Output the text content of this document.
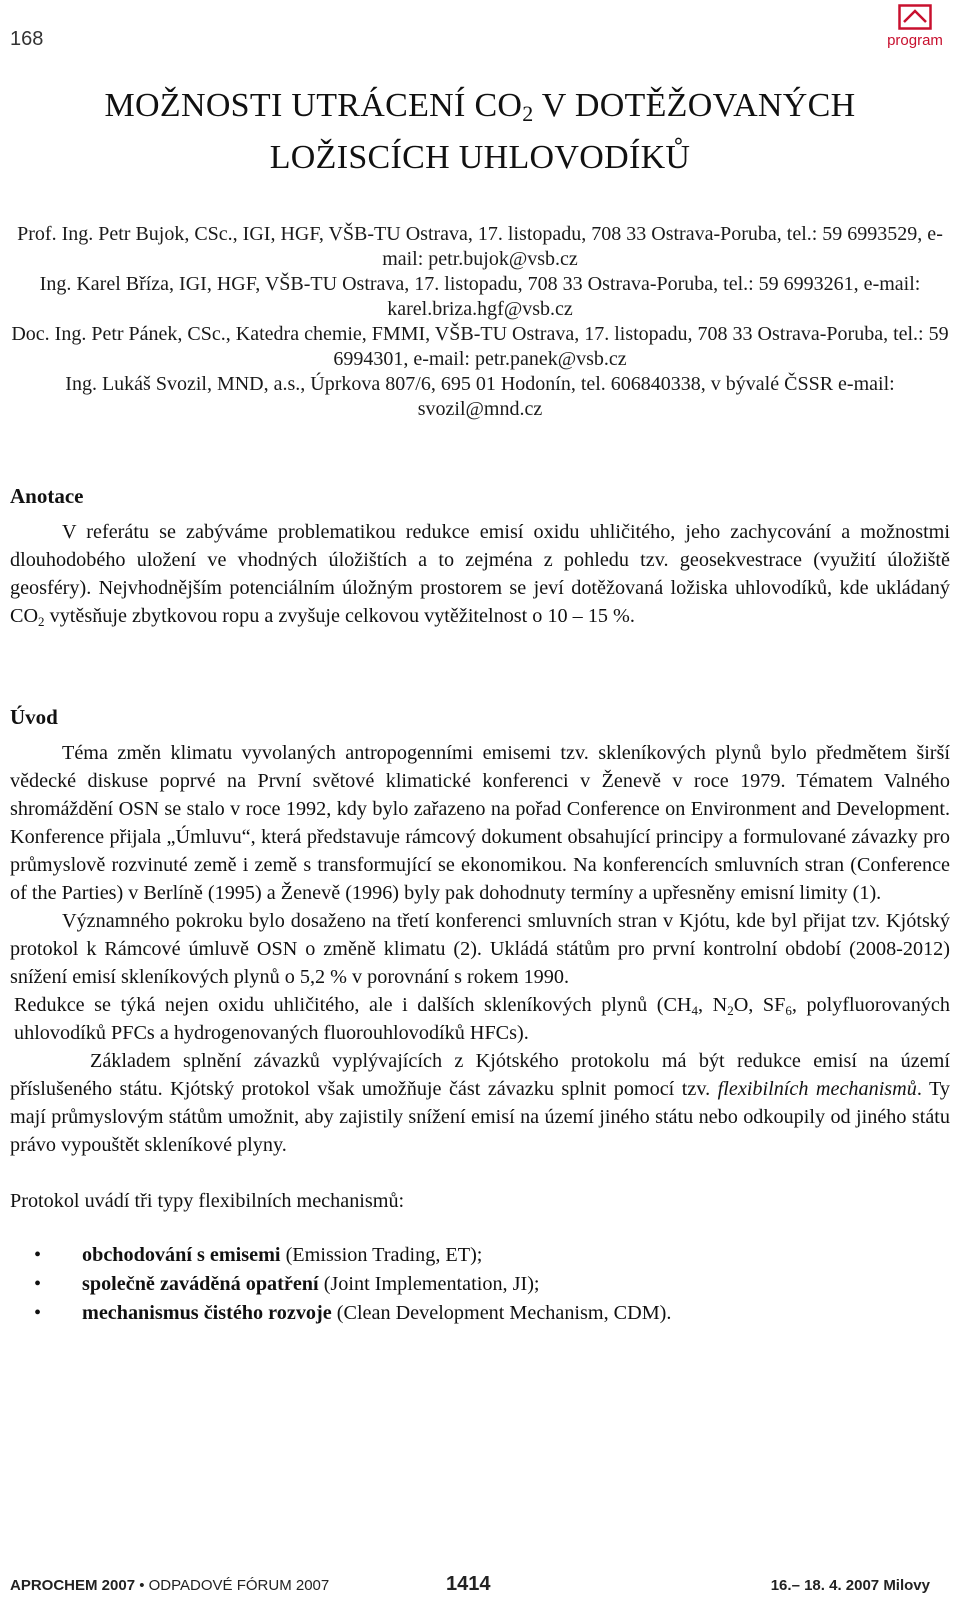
168	program
MOŽNOSTI UTRÁCENÍ $CO_2$ V DOTĚŽOVANÝCH
LOŽISCÍCH UHLOVODÍKŮ

Prof. Ing. Petr Bujok, CSc., IGI, HGF, VŠB-TU Ostrava, 17. listopadu, 708 33 Ostrava-Poruba, tel.: 59 6993529, e-mail: petr.bujok@vsb.cz

Ing. Karel Bříza, IGI, HGF, VŠB-TU Ostrava, 17. listopadu, 708 33 Ostrava-Poruba, tel.: 59 6993261, e-mail: karel.briza.hgf@vsb.cz

Doc. Ing. Petr Pánek, CSc., Katedra chemie, FMMI, VŠB-TU Ostrava, 17. listopadu, 708 33 Ostrava-Poruba, tel.: 59 6994301, e-mail: petr.panek@vsb.cz

Ing. Lukáš Svozil, MND, a.s., Úprkova 807/6, 695 01 Hodonín, tel. 606840338, v bývalé ČSSR e-mail: svozil@mnd.cz

Anotace

V referátu se zabýváme problematikou redukce emisí oxidu uhličitého, jeho zachycování a možnostmi dlouhodobého uložení ve vhodných úložištích a to zejména z pohledu tzv. geosekvestrace (využití úložiště geosféry). Nejvhodnějším potenciálním úložným prostorem se jeví dotěžovaná ložiska uhlovodíků, kde ukládaný $CO_2$ vytěsňuje zbytkovou ropu a zvyšuje celkovou vytěžitelnost o 10 – 15 %.

Úvod

Téma změn klimatu vyvolaných antropogenními emisemi tzv. skleníkových plynů bylo předmětem širší vědecké diskuse poprvé na První světové klimatické konferenci v Ženevě v roce 1979. Tématem Valného shromáždění OSN se stalo v roce 1992, kdy bylo zařazeno na pořad Conference on Environment and Development. Konference přijala „Úmluvu“, která představuje rámcový dokument obsahující principy a formulované závazky pro průmyslově rozvinuté země i země s transformující se ekonomikou. Na konferencích smluvních stran (Conference of the Parties) v Berlíně (1995) a Ženevě (1996) byly pak dohodnuty termíny a upřesněny emisní limity (1).

Významného pokroku bylo dosaženo na třetí konferenci smluvních stran v Kjótu, kde byl přijat tzv. Kjótský protokol k Rámcové úmluvě OSN o změně klimatu (2). Ukládá státům pro první kontrolní období (2008-2012) snížení emisí skleníkových plynů o 5,2 % v porovnání s rokem 1990.

Redukce se týká nejen oxidu uhličitého, ale i dalších skleníkových plynů ($CH_4$, $N_2O$, $SF_6$, polyfluorovaných uhlovodíků PFCs a hydrogenovaných fluorouhlovodíků HFCs).

Základem splnění závazků vyplývajících z Kjótského protokolu má být redukce emisí na území příslušeného státu. Kjótský protokol však umožňuje část závazku splnit pomocí tzv. flexibilních mechanismů. Ty mají průmyslovým státům umožnit, aby zajistily snížení emisí na území jiného státu nebo odkoupily od jiného státu právo vypouštět skleníkové plyny.

Protokol uvádí tři typy flexibilních mechanismů:

• obchodování s emisemi (Emission Trading, ET);
• společně zaváděná opatření (Joint Implementation, JI);
• mechanismus čistého rozvoje (Clean Development Mechanism, CDM).
APROCHEM 2007 • ODPADOVÉ FÓRUM 2007	1414	16.– 18. 4. 2007 Milovy
